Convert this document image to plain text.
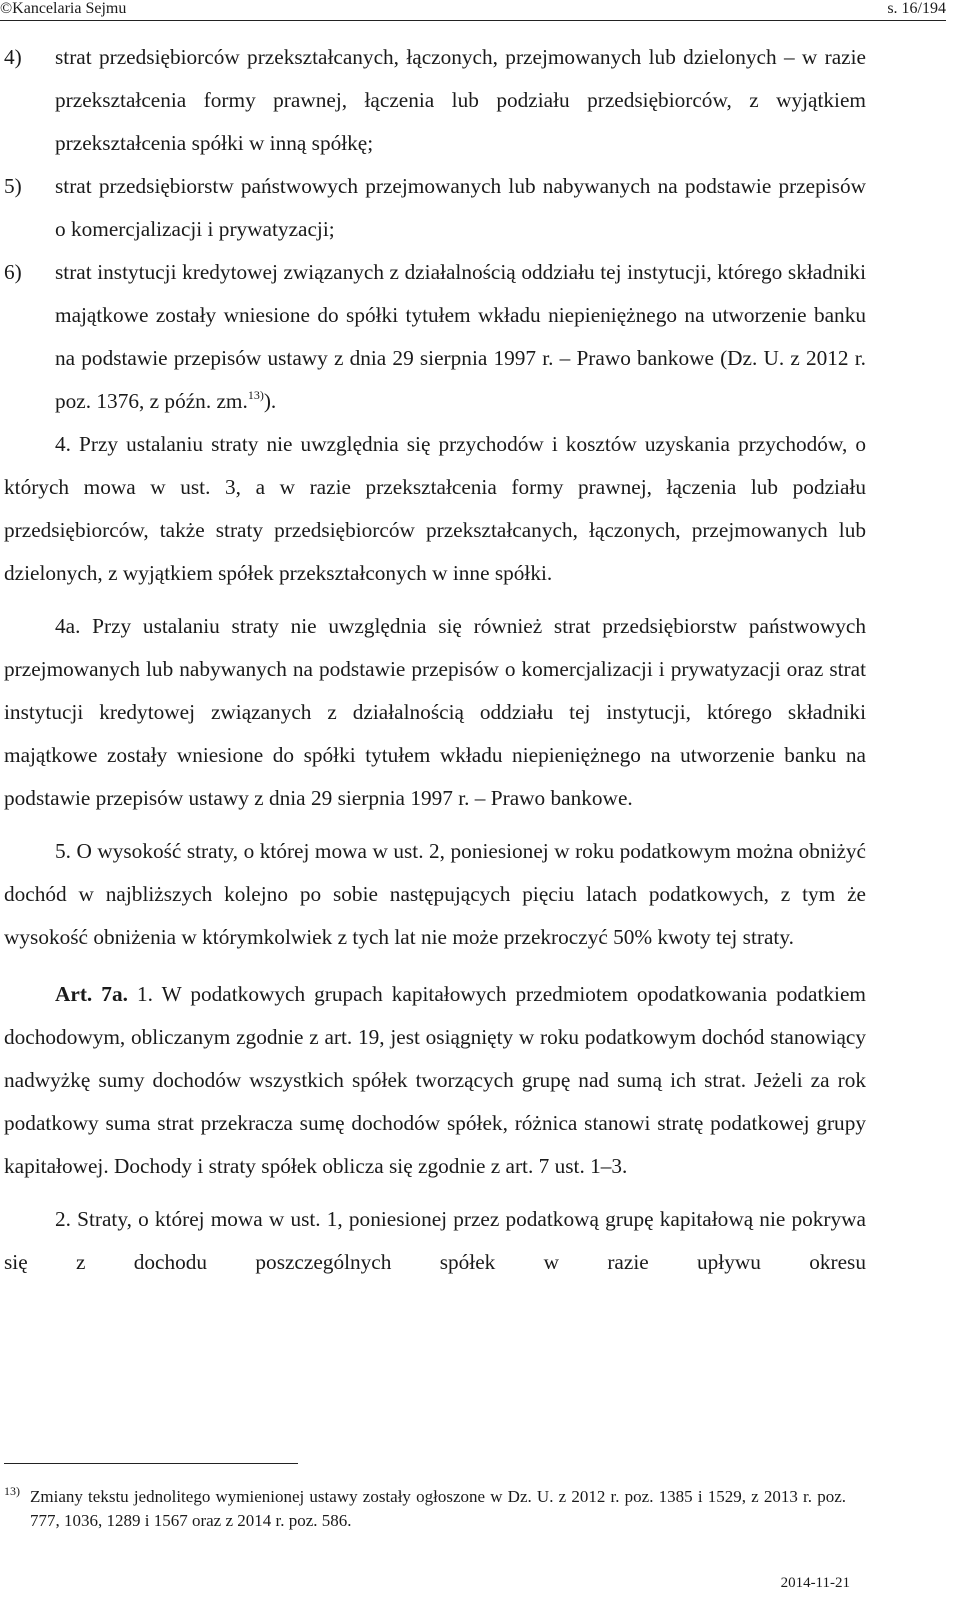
©Kancelaria Sejmu	s. 16/194

4) strat przedsiębiorców przekształcanych, łączonych, przejmowanych lub dzielonych – w razie przekształcenia formy prawnej, łączenia lub podziału przedsiębiorców, z wyjątkiem przekształcenia spółki w inną spółkę;

5) strat przedsiębiorstw państwowych przejmowanych lub nabywanych na podstawie przepisów o komercjalizacji i prywatyzacji;

6) strat instytucji kredytowej związanych z działalnością oddziału tej instytucji, którego składniki majątkowe zostały wniesione do spółki tytułem wkładu niepieniężnego na utworzenie banku na podstawie przepisów ustawy z dnia 29 sierpnia 1997 r. – Prawo bankowe (Dz. U. z 2012 r. poz. 1376, z późn. zm.$^{13)}$).

4. Przy ustalaniu straty nie uwzględnia się przychodów i kosztów uzyskania przychodów, o których mowa w ust. 3, a w razie przekształcenia formy prawnej, łączenia lub podziału przedsiębiorców, także straty przedsiębiorców przekształcanych, łączonych, przejmowanych lub dzielonych, z wyjątkiem spółek przekształconych w inne spółki.

4a. Przy ustalaniu straty nie uwzględnia się również strat przedsiębiorstw państwowych przejmowanych lub nabywanych na podstawie przepisów o komercjalizacji i prywatyzacji oraz strat instytucji kredytowej związanych z działalnością oddziału tej instytucji, którego składniki majątkowe zostały wniesione do spółki tytułem wkładu niepieniężnego na utworzenie banku na podstawie przepisów ustawy z dnia 29 sierpnia 1997 r. – Prawo bankowe.

5. O wysokość straty, o której mowa w ust. 2, poniesionej w roku podatkowym można obniżyć dochód w najbliższych kolejno po sobie następujących pięciu latach podatkowych, z tym że wysokość obniżenia w którymkolwiek z tych lat nie może przekroczyć 50% kwoty tej straty.

Art. 7a. 1. W podatkowych grupach kapitałowych przedmiotem opodatkowania podatkiem dochodowym, obliczanym zgodnie z art. 19, jest osiągnięty w roku podatkowym dochód stanowiący nadwyżkę sumy dochodów wszystkich spółek tworzących grupę nad sumą ich strat. Jeżeli za rok podatkowy suma strat przekracza sumę dochodów spółek, różnica stanowi stratę podatkowej grupy kapitałowej. Dochody i straty spółek oblicza się zgodnie z art. 7 ust. 1–3.

2. Straty, o której mowa w ust. 1, poniesionej przez podatkową grupę kapitałową nie pokrywa się z dochodu poszczególnych spółek w razie upływu okresu

13) Zmiany tekstu jednolitego wymienionej ustawy zostały ogłoszone w Dz. U. z 2012 r. poz. 1385 i 1529, z 2013 r. poz. 777, 1036, 1289 i 1567 oraz z 2014 r. poz. 586.
2014-11-21
